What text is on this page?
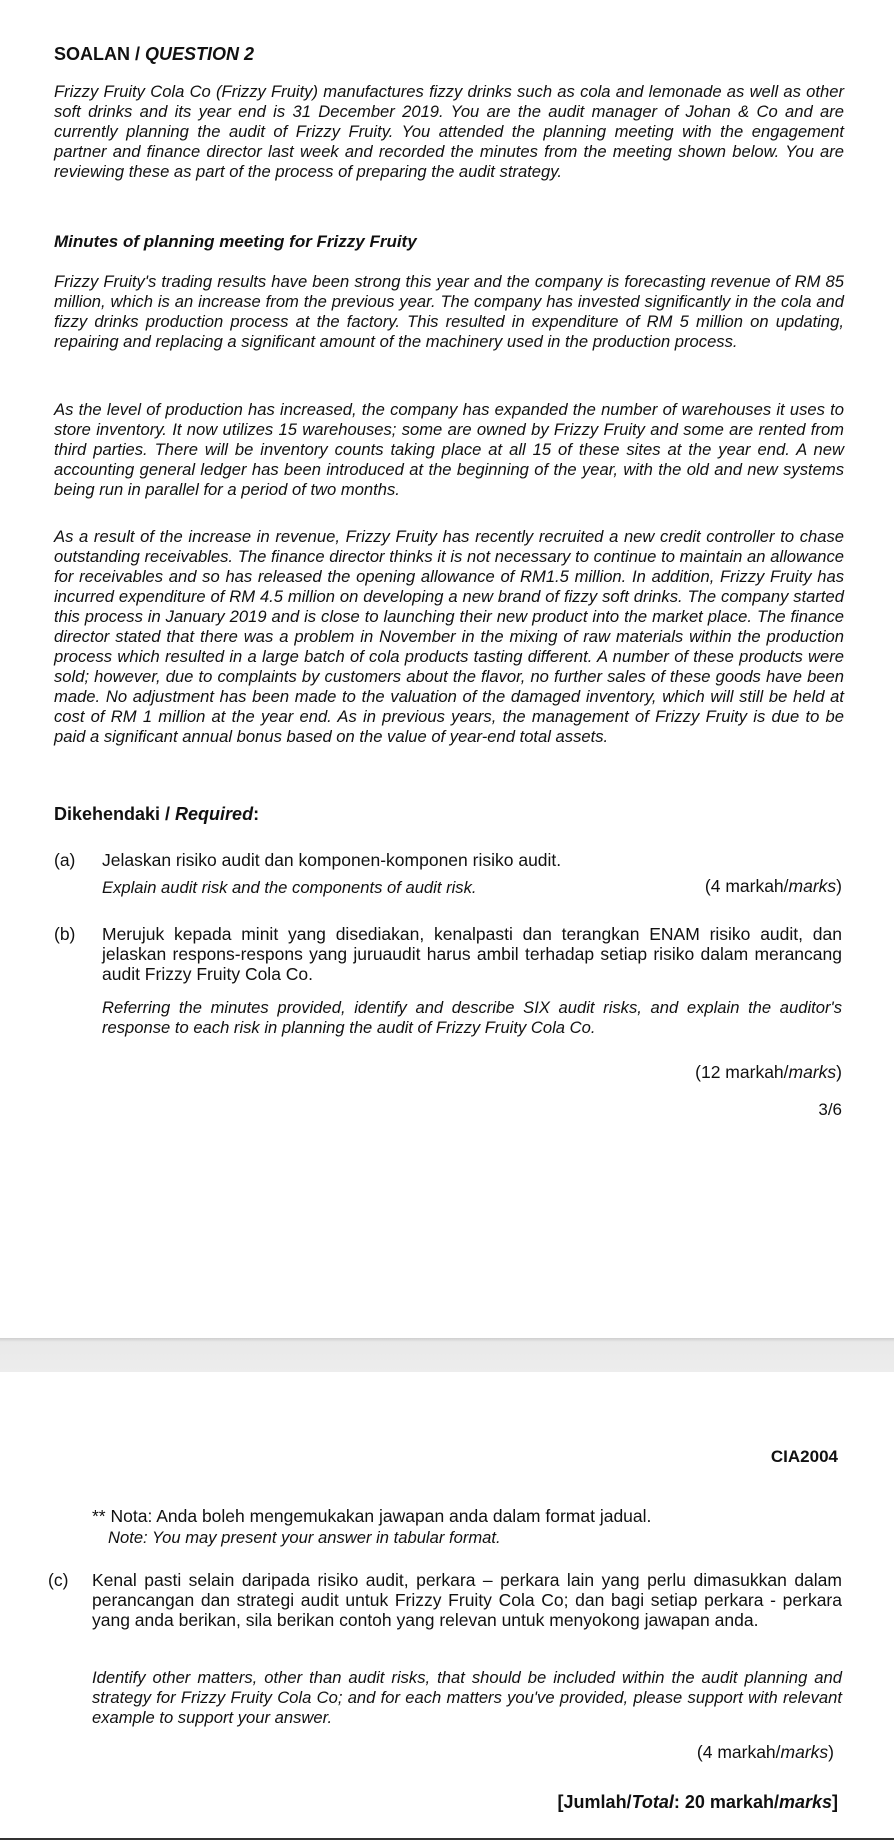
SOALAN / QUESTION 2
Frizzy Fruity Cola Co (Frizzy Fruity) manufactures fizzy drinks such as cola and lemonade as well as other soft drinks and its year end is 31 December 2019. You are the audit manager of Johan & Co and are currently planning the audit of Frizzy Fruity. You attended the planning meeting with the engagement partner and finance director last week and recorded the minutes from the meeting shown below. You are reviewing these as part of the process of preparing the audit strategy.
Minutes of planning meeting for Frizzy Fruity
Frizzy Fruity's trading results have been strong this year and the company is forecasting revenue of RM 85 million, which is an increase from the previous year. The company has invested significantly in the cola and fizzy drinks production process at the factory. This resulted in expenditure of RM 5 million on updating, repairing and replacing a significant amount of the machinery used in the production process.
As the level of production has increased, the company has expanded the number of warehouses it uses to store inventory. It now utilizes 15 warehouses; some are owned by Frizzy Fruity and some are rented from third parties. There will be inventory counts taking place at all 15 of these sites at the year end. A new accounting general ledger has been introduced at the beginning of the year, with the old and new systems being run in parallel for a period of two months.
As a result of the increase in revenue, Frizzy Fruity has recently recruited a new credit controller to chase outstanding receivables. The finance director thinks it is not necessary to continue to maintain an allowance for receivables and so has released the opening allowance of RM1.5 million. In addition, Frizzy Fruity has incurred expenditure of RM 4.5 million on developing a new brand of fizzy soft drinks. The company started this process in January 2019 and is close to launching their new product into the market place. The finance director stated that there was a problem in November in the mixing of raw materials within the production process which resulted in a large batch of cola products tasting different. A number of these products were sold; however, due to complaints by customers about the flavor, no further sales of these goods have been made. No adjustment has been made to the valuation of the damaged inventory, which will still be held at cost of RM 1 million at the year end. As in previous years, the management of Frizzy Fruity is due to be paid a significant annual bonus based on the value of year-end total assets.
Dikehendaki / Required:
(a) Jelaskan risiko audit dan komponen-komponen risiko audit.
Explain audit risk and the components of audit risk.	(4 markah/marks)
(b) Merujuk kepada minit yang disediakan, kenalpasti dan terangkan ENAM risiko audit, dan jelaskan respons-respons yang juruaudit harus ambil terhadap setiap risiko dalam merancang audit Frizzy Fruity Cola Co.
Referring the minutes provided, identify and describe SIX audit risks, and explain the auditor's response to each risk in planning the audit of Frizzy Fruity Cola Co.
(12 markah/marks)
3/6
CIA2004
** Nota: Anda boleh mengemukakan jawapan anda dalam format jadual.
Note: You may present your answer in tabular format.
(c) Kenal pasti selain daripada risiko audit, perkara – perkara lain yang perlu dimasukkan dalam perancangan dan strategi audit untuk Frizzy Fruity Cola Co; dan bagi setiap perkara - perkara yang anda berikan, sila berikan contoh yang relevan untuk menyokong jawapan anda.
Identify other matters, other than audit risks, that should be included within the audit planning and strategy for Frizzy Fruity Cola Co; and for each matters you've provided, please support with relevant example to support your answer.
(4 markah/marks)
[Jumlah/Total: 20 markah/marks]
